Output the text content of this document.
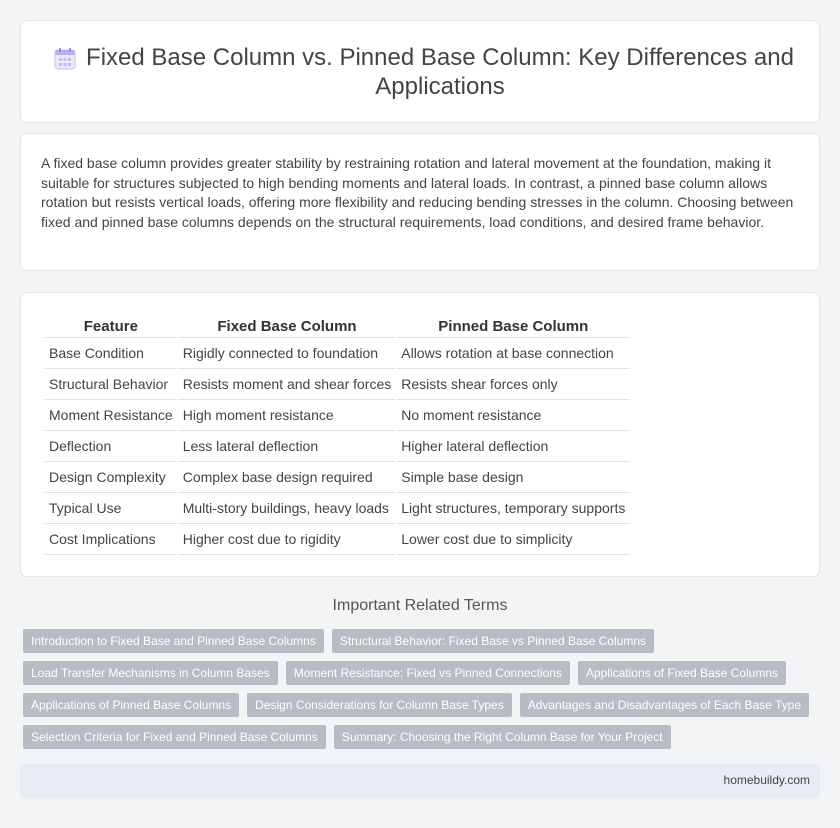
Fixed Base Column vs. Pinned Base Column: Key Differences and Applications

A fixed base column provides greater stability by restraining rotation and lateral movement at the foundation, making it suitable for structures subjected to high bending moments and lateral loads. In contrast, a pinned base column allows rotation but resists vertical loads, offering more flexibility and reducing bending stresses in the column. Choosing between fixed and pinned base columns depends on the structural requirements, load conditions, and desired frame behavior.

Feature	Fixed Base Column	Pinned Base Column
Base Condition	Rigidly connected to foundation	Allows rotation at base connection
Structural Behavior	Resists moment and shear forces	Resists shear forces only
Moment Resistance	High moment resistance	No moment resistance
Deflection	Less lateral deflection	Higher lateral deflection
Design Complexity	Complex base design required	Simple base design
Typical Use	Multi-story buildings, heavy loads	Light structures, temporary supports
Cost Implications	Higher cost due to rigidity	Lower cost due to simplicity
Important Related Terms
Introduction to Fixed Base and Pinned Base Columns	Structural Behavior: Fixed Base vs Pinned Base Columns
Load Transfer Mechanisms in Column Bases	Moment Resistance: Fixed vs Pinned Connections	Applications of Fixed Base Columns
Applications of Pinned Base Columns	Design Considerations for Column Base Types	Advantages and Disadvantages of Each Base Type
Selection Criteria for Fixed and Pinned Base Columns	Summary: Choosing the Right Column Base for Your Project
homebuildy.com
